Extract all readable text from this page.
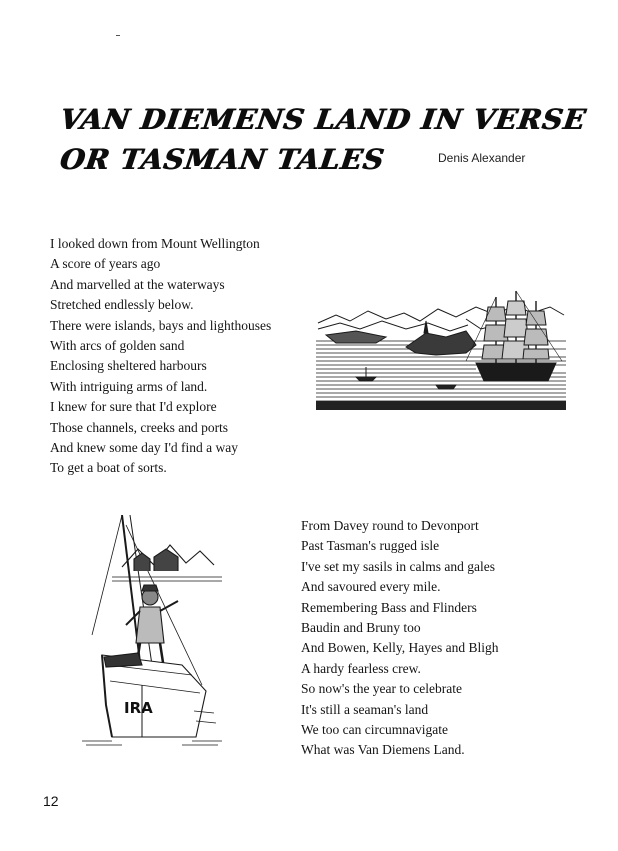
VAN DIEMENS LAND IN VERSE
OR TASMAN TALES	Denis Alexander
I looked down from Mount Wellington
A score of years ago
And marvelled at the waterways
Stretched endlessly below.
There were islands, bays and lighthouses
With arcs of golden sand
Enclosing sheltered harbours
With intriguing arms of land.
I knew for sure that I'd explore
Those channels, creeks and ports
And knew some day I'd find a way
To get a boat of sorts.
IRA
From Davey round to Devonport
Past Tasman's rugged isle
I've set my sasils in calms and gales
And savoured every mile.
Remembering Bass and Flinders
Baudin and Bruny too
And Bowen, Kelly, Hayes and Bligh
A hardy fearless crew.
So now's the year to celebrate
It's still a seaman's land
We too can circumnavigate
What was Van Diemens Land.
12
